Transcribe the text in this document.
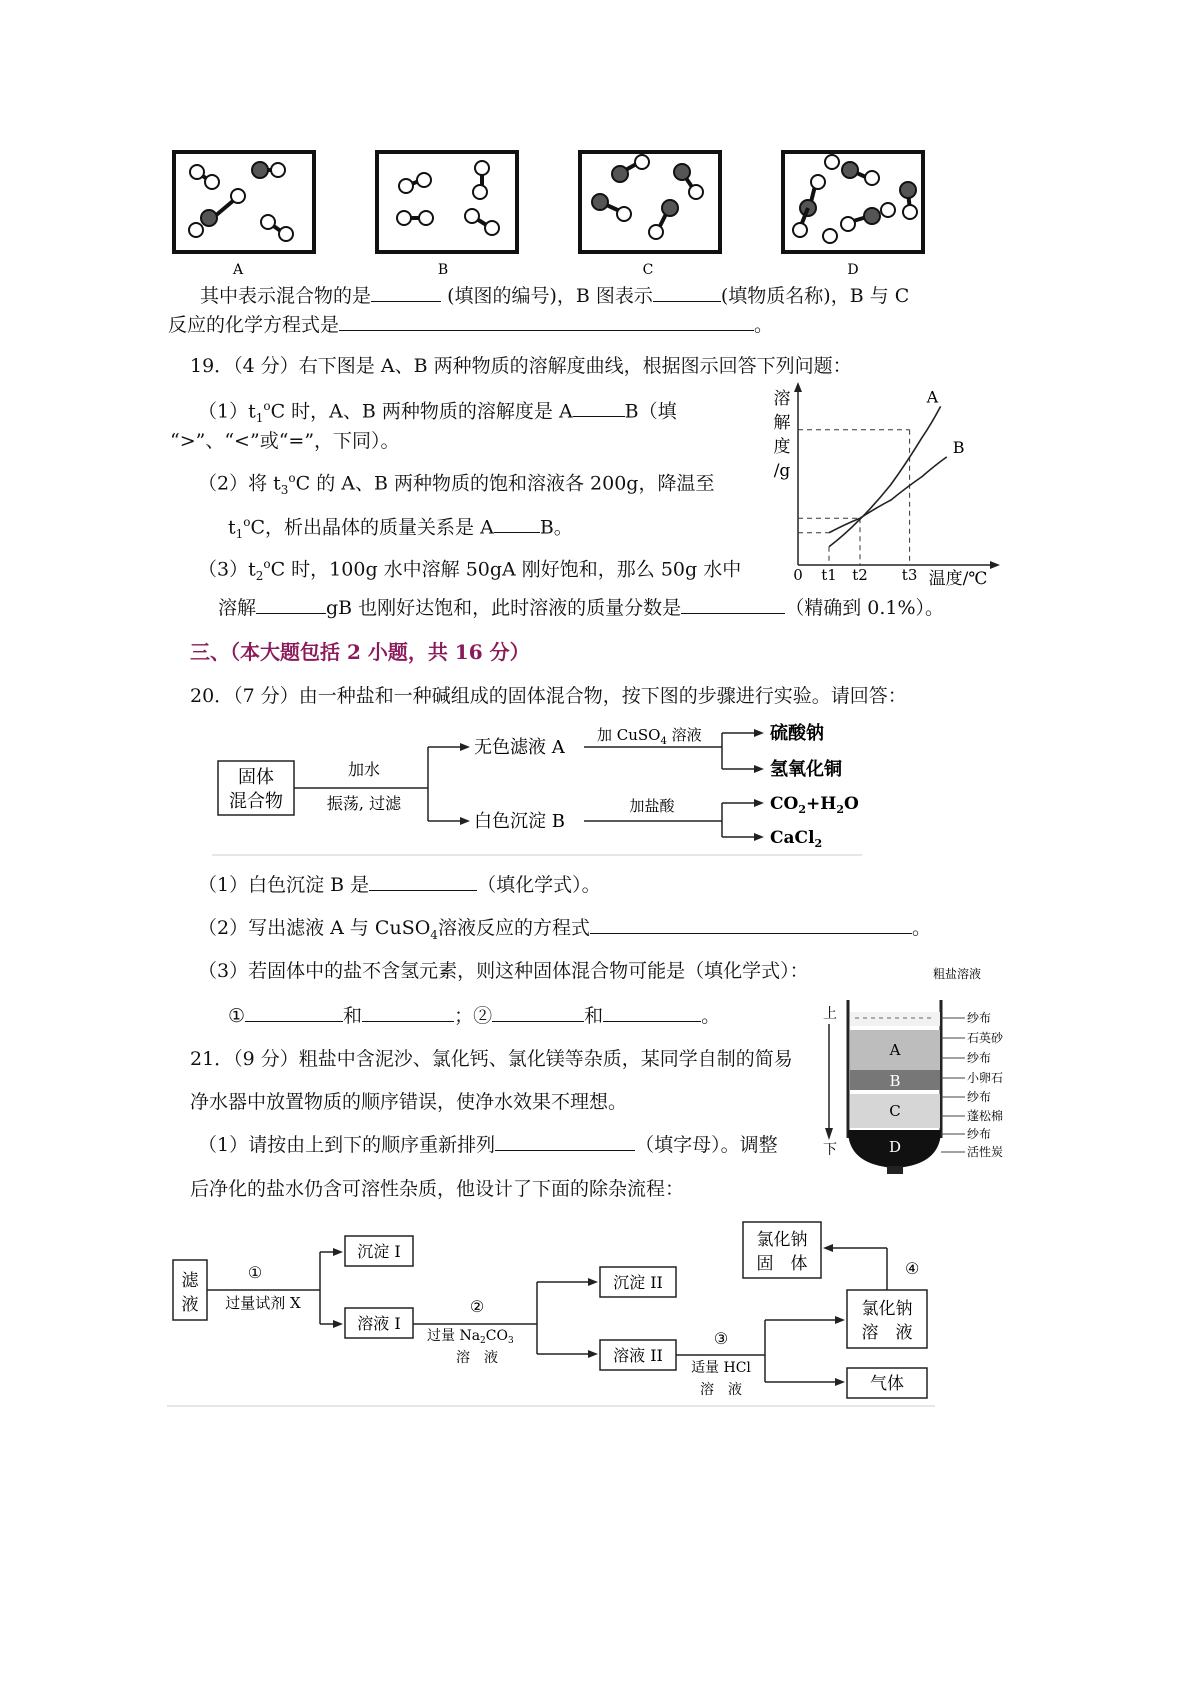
A	B	C	D
其中表示混合物的是	(填图的编号)，B 图表示	(填物质名称)，B 与 C
反应的化学方程式是	。
19．（4 分）右下图是 A、B 两种物质的溶解度曲线，根据图示回答下列问题：
$(1)t_1^oC$ 时，A、B 两种物质的溶解度是 A	B（填
“>”、“<”或“=”，下同）。
（2）将 $t_3^oC$ 的 A、B 两种物质的饱和溶液各 200g，降温至
$t_1^oC$，析出晶体的质量关系是 A B。
$(3)t_2^oC$ 时，100g 水中溶解 50gA 刚好饱和，那么 50g 水中
溶解	gB 也刚好达饱和，此时溶液的质量分数是	（精确到 0.1%）。
溶
解
度
/g
0	温度/℃
t1 t2 t3
A
B
三、（本大题包括 2 小题，共 16 分）
20．（7 分）由一种盐和一种碱组成的固体混合物，按下图的步骤进行实验。请回答：
固体
混合物
加水
振荡, 过滤
无色滤液 A
白色沉淀 B
加 CuSO$_4$ 溶液	硫酸钠
氢氧化铜
加盐酸	$CO_2+H_2O$
CaCl$_2$
（1）白色沉淀 B 是	（填化学式）。
（2）写出滤液 A 与 CuSO$_4$溶液反应的方程式	。
（3）若固体中的盐不含氢元素，则这种固体混合物可能是（填化学式）：
①	和	；②	和	。
21．（9 分）粗盐中含泥沙、氯化钙、氯化镁等杂质，某同学自制的简易
净水器中放置物质的顺序错误，使净水效果不理想。
（1）请按由上到下的顺序重新排列	（填字母）。调整
后净化的盐水仍含可溶性杂质，他设计了下面的除杂流程：
粗盐溶液
上
下
A
B
C
D
纱布
石英砂
纱布
小卵石
纱布
蓬松棉
纱布
活性炭
滤
液
①
过量试剂 X
沉淀 I
溶液 I
②
过量 $Na_2CO_3$
溶　液
沉淀 II
溶液 II
③
适量 HCl
溶　液
氯化钠
溶　液
气体
④
氯化钠
固　体
